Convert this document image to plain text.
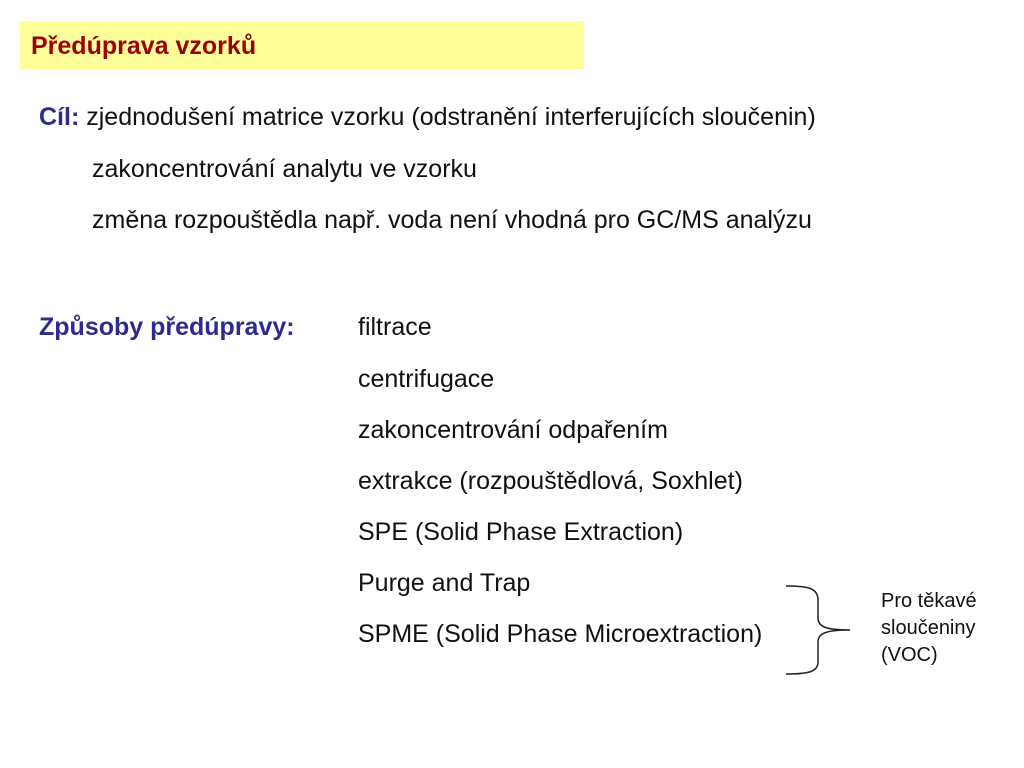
Předúprava vzorků
Cíl: zjednodušení matrice vzorku (odstranění interferujících sloučenin)
zakoncentrování analytu ve vzorku
změna rozpouštědla např. voda není vhodná pro GC/MS analýzu
Způsoby předúpravy:	filtrace
centrifugace
zakoncentrování odpařením
extrakce (rozpouštědlová, Soxhlet)
SPE (Solid Phase Extraction)
Purge and Trap
SPME (Solid Phase Microextraction)
Pro těkavé
sloučeniny
(VOC)
